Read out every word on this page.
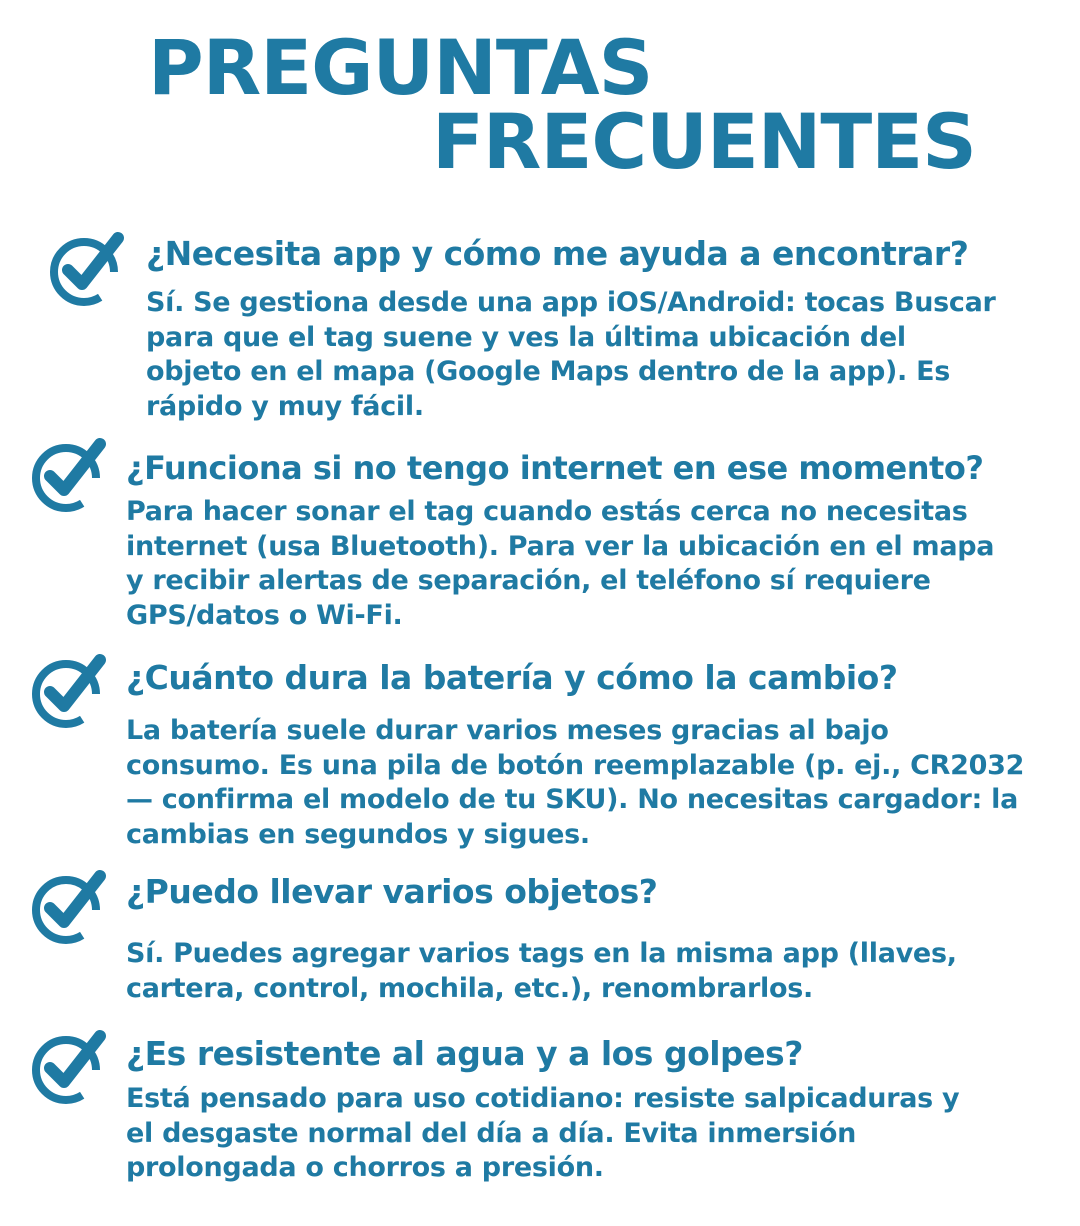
PREGUNTAS
FRECUENTES
¿Necesita app y cómo me ayuda a encontrar?

Sí. Se gestiona desde una app iOS/Android: tocas Buscar para que el tag suene y ves la última ubicación del objeto en el mapa (Google Maps dentro de la app). Es rápido y muy fácil.

¿Funciona si no tengo internet en ese momento?

Para hacer sonar el tag cuando estás cerca no necesitas internet (usa Bluetooth). Para ver la ubicación en el mapa y recibir alertas de separación, el teléfono sí requiere GPS/datos o Wi-Fi.

¿Cuánto dura la batería y cómo la cambio?

La batería suele durar varios meses gracias al bajo consumo. Es una pila de botón reemplazable (p. ej., CR2032 — confirma el modelo de tu SKU). No necesitas cargador: la cambias en segundos y sigues.

¿Puedo llevar varios objetos?

Sí. Puedes agregar varios tags en la misma app (llaves, cartera, control, mochila, etc.), renombrarlos.

¿Es resistente al agua y a los golpes?

Está pensado para uso cotidiano: resiste salpicaduras y el desgaste normal del día a día. Evita inmersión prolongada o chorros a presión.
